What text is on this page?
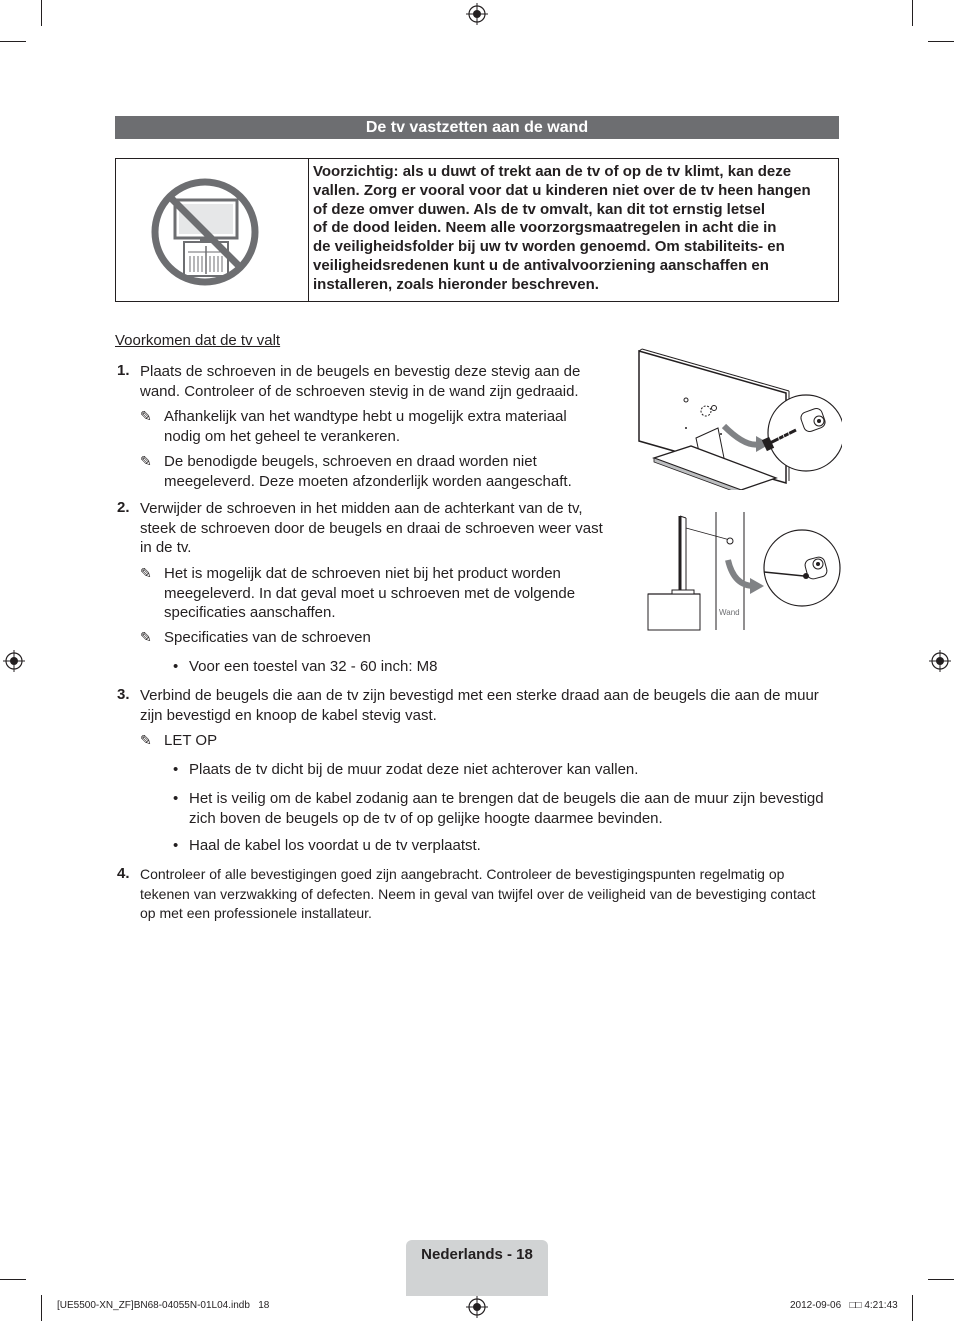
De tv vastzetten aan de wand
Voorzichtig: als u duwt of trekt aan de tv of op de tv klimt, kan deze
vallen. Zorg er vooral voor dat u kinderen niet over de tv heen hangen
of deze omver duwen. Als de tv omvalt, kan dit tot ernstig letsel
of de dood leiden. Neem alle voorzorgsmaatregelen in acht die in
de veiligheidsfolder bij uw tv worden genoemd. Om stabiliteits- en
veiligheidsredenen kunt u de antivalvoorziening aanschaffen en
installeren, zoals hieronder beschreven.
Voorkomen dat de tv valt
1. Plaats de schroeven in de beugels en bevestig deze stevig aan de
wand. Controleer of de schroeven stevig in de wand zijn gedraaid.
✎ Afhankelijk van het wandtype hebt u mogelijk extra materiaal
nodig om het geheel te verankeren.
✎ De benodigde beugels, schroeven en draad worden niet
meegeleverd. Deze moeten afzonderlijk worden aangeschaft.
2. Verwijder de schroeven in het midden aan de achterkant van de tv,
steek de schroeven door de beugels en draai de schroeven weer vast
in de tv.
✎ Het is mogelijk dat de schroeven niet bij het product worden
meegeleverd. In dat geval moet u schroeven met de volgende
specificaties aanschaffen.
✎ Specificaties van de schroeven
• Voor een toestel van 32 - 60 inch: M8
3. Verbind de beugels die aan de tv zijn bevestigd met een sterke draad aan de beugels die aan de muur
zijn bevestigd en knoop de kabel stevig vast.
✎ LET OP
• Plaats de tv dicht bij de muur zodat deze niet achterover kan vallen.
• Het is veilig om de kabel zodanig aan te brengen dat de beugels die aan de muur zijn bevestigd
zich boven de beugels op de tv of op gelijke hoogte daarmee bevinden.
• Haal de kabel los voordat u de tv verplaatst.
4. Controleer of alle bevestigingen goed zijn aangebracht. Controleer de bevestigingspunten regelmatig op
tekenen van verzwakking of defecten. Neem in geval van twijfel over de veiligheid van de bevestiging contact
op met een professionele installateur.
Wand
Nederlands - 18
[UE5500-XN_ZF]BN68-04055N-01L04.indb   18	2012-09-06   □□ 4:21:43
